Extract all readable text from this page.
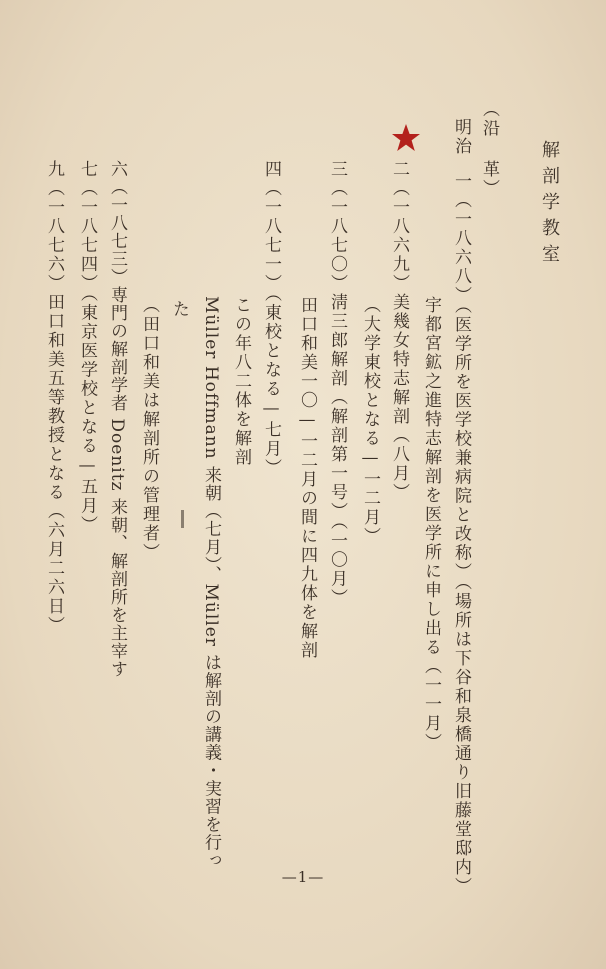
解剖学教室
（沿 革）
明治
一（一八六八）（医学所を医学校兼病院と改称）（場所は下谷和泉橋通り旧藤堂邸内）
宇都宮鉱之進特志解剖を医学所に申し出る（一一月）
二（一八六九）美幾女特志解剖（八月）
（大学東校となる—一二月）
三（一八七〇）淸三郎解剖（解剖第一号）（一〇月）
田口和美一〇—一二月の間に四九体を解剖
四（一八七一）（東校となる—七月）
この年八二体を解剖
Müller Hoffmann 来朝（七月）、Müller は解剖の講義・実習を行っ
た
（田口和美は解剖所の管理者）
六（一八七三）専門の解剖学者 Doenitz 来朝、解剖所を主宰す
七（一八七四）（東京医学校となる—五月）
九（一八七六）田口和美五等教授となる（六月二六日）
—1—
